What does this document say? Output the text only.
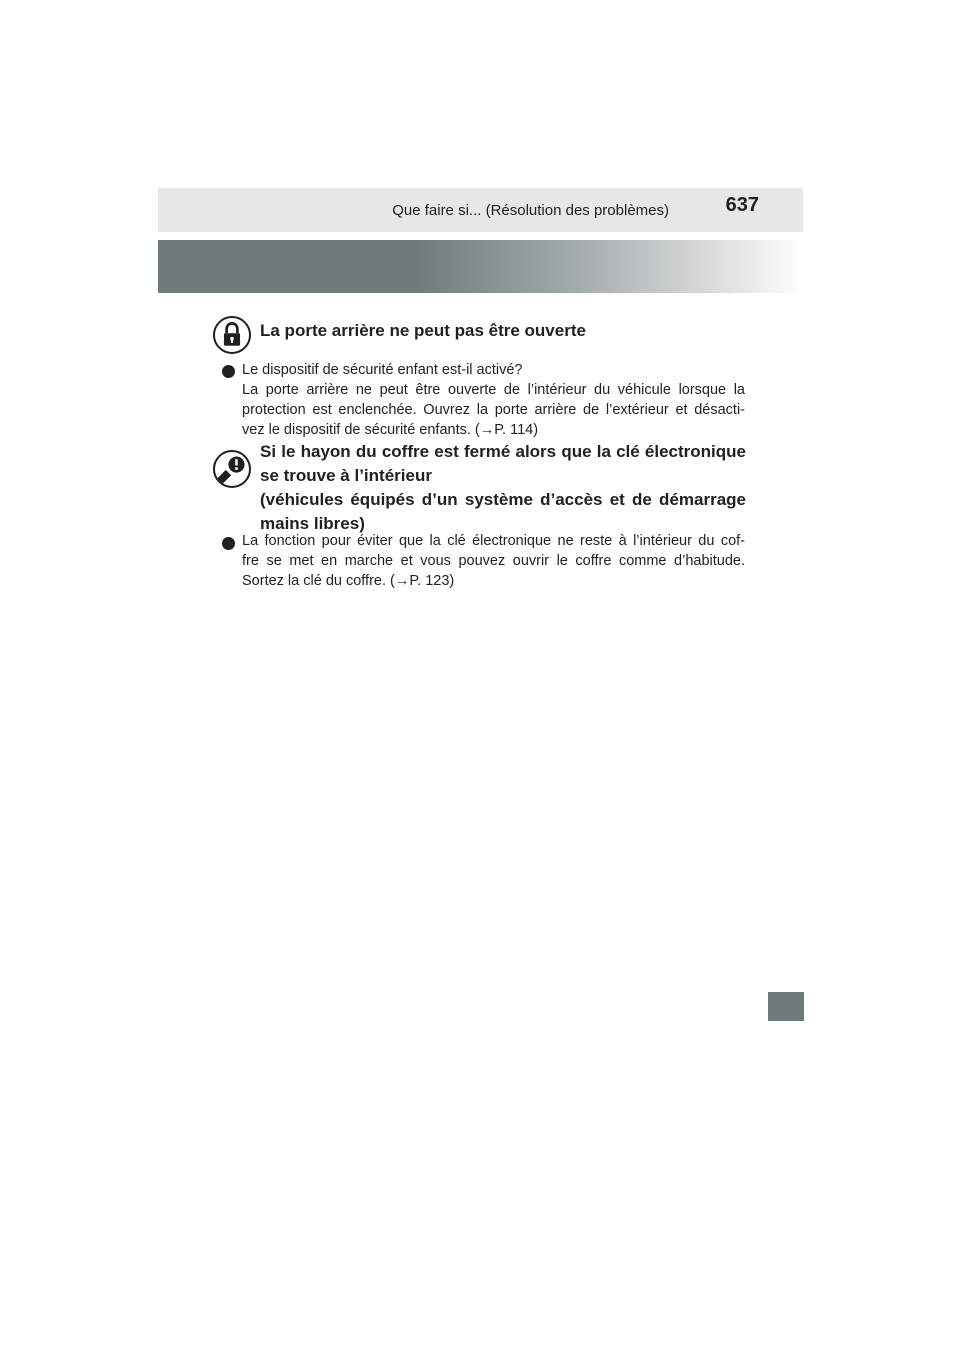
Que faire si... (Résolution des problèmes)	637
La porte arrière ne peut pas être ouverte
Le dispositif de sécurité enfant est-il activé?
La porte arrière ne peut être ouverte de l’intérieur du véhicule lorsque la
protection est enclenchée. Ouvrez la porte arrière de l’extérieur et désacti-
vez le dispositif de sécurité enfants. (→P. 114)
Si le hayon du coffre est fermé alors que la clé électronique
se trouve à l’intérieur
(véhicules équipés d’un système d’accès et de démarrage
mains libres)
La fonction pour éviter que la clé électronique ne reste à l’intérieur du cof-
fre se met en marche et vous pouvez ouvrir le coffre comme d’habitude.
Sortez la clé du coffre. (→P. 123)
